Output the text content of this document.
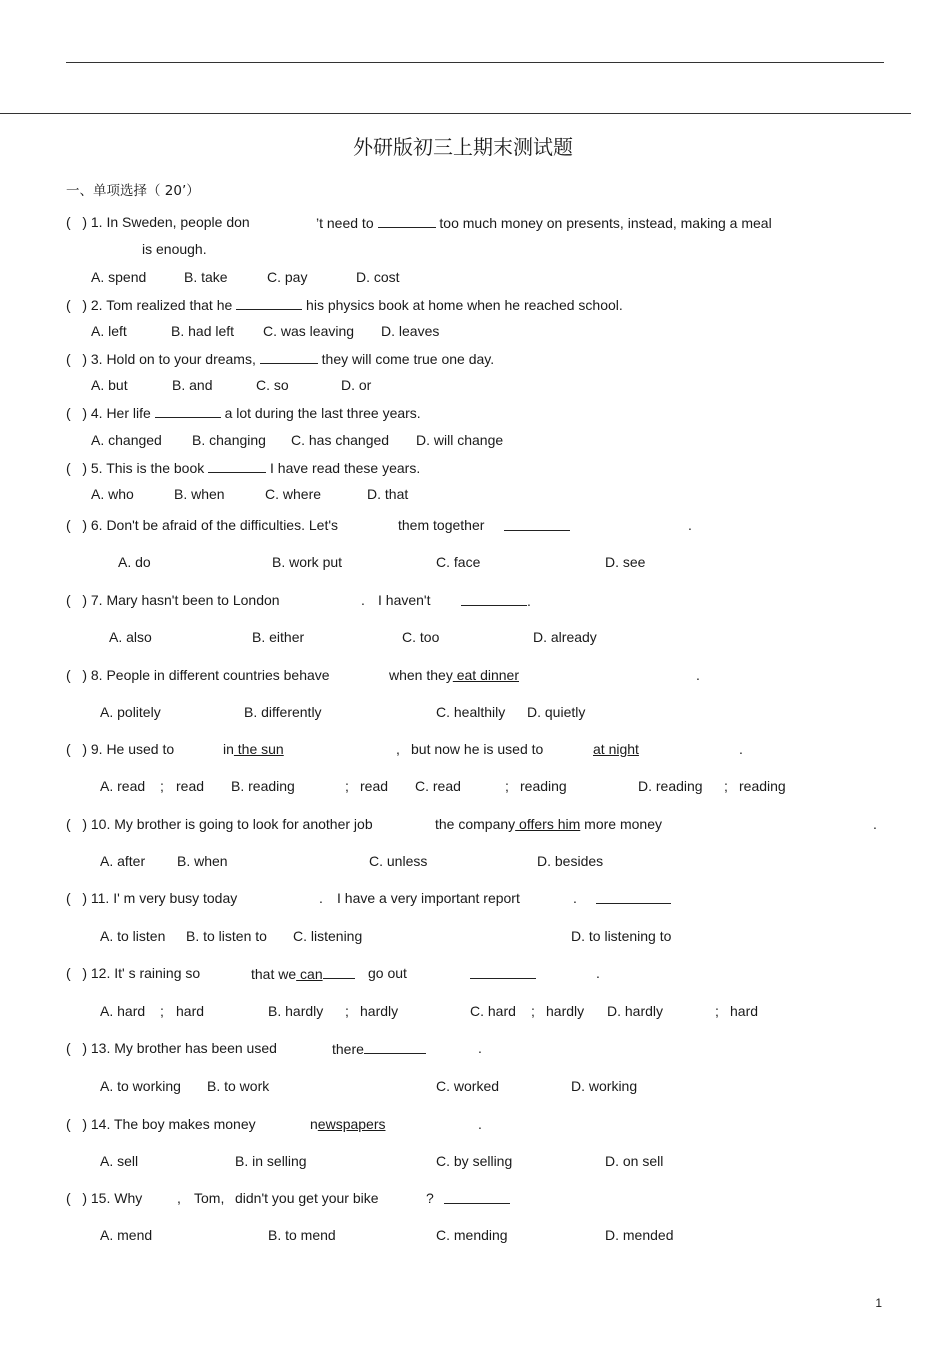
外研版初三上期末测试题
一、单项选择（ 20’）
(   ) 1. In Sweden, people don	’t need to	too much money on presents, instead, making a meal
is enough.
A. spend	B. take	C. pay	D. cost
(   ) 2. Tom realized that he	his physics book at home when he reached school.
A. left	B. had left C. was leaving D. leaves
(   ) 3. Hold on to your dreams,	they will come true one day.
A. but	B. and	C. so	D. or
(   ) 4. Her life	a lot during the last three years.
A. changed B. changing C. has changed D. will change
(   ) 5. This is the book	I have read these years.
A. who	B. when	C. where	D. that
(   ) 6. Don't be afraid of the difficulties. Let's	them together	.
A. do	B. work put	C. face	D. see
(   ) 7. Mary hasn't been to London	. I haven't	.
A. also	B. either	C. too	D. already
(   ) 8. People in different countries behave	when they eat dinner	.
A. politely	B. differently	C. healthily D. quietly
(   ) 9. He used to	in the sun	, but now he is used to	at night	.
A. read ; read B. reading	; read C. read	; reading	D. reading ; reading
(   ) 10. My brother is going to look for another job	the company offers him more money	.
A. after B. when	C. unless	D. besides
(   ) 11. I' m very busy today	. I have a very important report	.
A. to listen B. to listen to C. listening	D. to listening to
(   ) 12. It' s raining so	that we can	go out	.
A. hard ; hard	B. hardly ; hardly	C. hard ; hardly D. hardly	; hard
(   ) 13. My brother has been used	there	.
A. to working B. to work	C. worked	D. working
(   ) 14. The boy makes money	newspapers	.
A. sell	B. in selling	C. by selling	D. on sell
(   ) 15. Why , Tom, didn't you get your bike	?
A. mend	B. to mend	C. mending	D. mended
1
